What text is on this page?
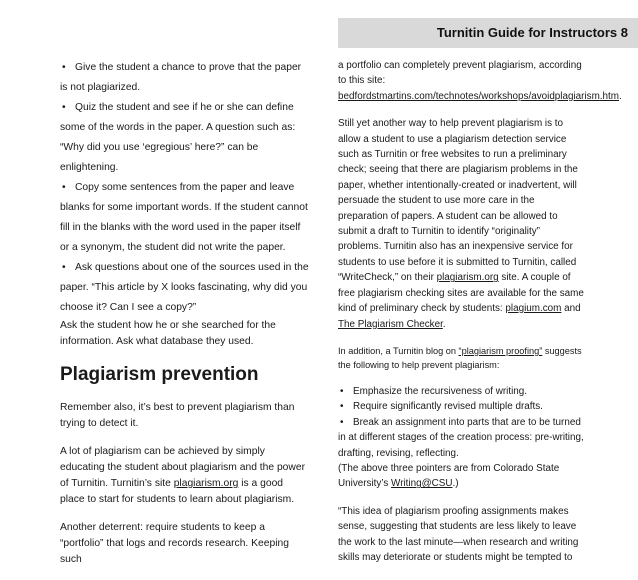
Turnitin Guide for Instructors 8
• Give the student a chance to prove that the paper is not plagiarized.
• Quiz the student and see if he or she can define some of the words in the paper. A question such as: “Why did you use ‘egregious’ here?” can be enlightening.
• Copy some sentences from the paper and leave blanks for some important words. If the student cannot fill in the blanks with the word used in the paper itself or a synonym, the student did not write the paper.
• Ask questions about one of the sources used in the paper. “This article by X looks fascinating, why did you choose it? Can I see a copy?”

Ask the student how he or she searched for the information. Ask what database they used.

Plagiarism prevention

Remember also, it’s best to prevent plagiarism than trying to detect it.

A lot of plagiarism can be achieved by simply educating the student about plagiarism and the power of Turnitin. Turnitin’s site plagiarism.org is a good place to start for students to learn about plagiarism.

Another deterrent: require students to keep a “portfolio” that logs and records research. Keeping such

a portfolio can completely prevent plagiarism, according to this site: bedfordstmartins.com/technotes/workshops/avoidplagiarism.htm.

Still yet another way to help prevent plagiarism is to allow a student to use a plagiarism detection service such as Turnitin or free websites to run a preliminary check; seeing that there are plagiarism problems in the paper, whether intentionally-created or inadvertent, will persuade the student to use more care in the preparation of papers. A student can be allowed to submit a draft to Turnitin to identify “originality” problems. Turnitin also has an inexpensive service for students to use before it is submitted to Turnitin, called “WriteCheck,” on their plagiarism.org site. A couple of free plagiarism checking sites are available for the same kind of preliminary check by students: plagium.com and The Plagiarism Checker.

In addition, a Turnitin blog on “plagiarism proofing” suggests the following to help prevent plagiarism:

• Emphasize the recursiveness of writing.
• Require significantly revised multiple drafts.
• Break an assignment into parts that are to be turned in at different stages of the creation process: pre-writing, drafting, revising, reflecting.

(The above three pointers are from Colorado State University’s Writing@CSU.)

“This idea of plagiarism proofing assignments makes sense, suggesting that students are less likely to leave the work to the last minute—when research and writing skills may deteriorate or students might be tempted to
